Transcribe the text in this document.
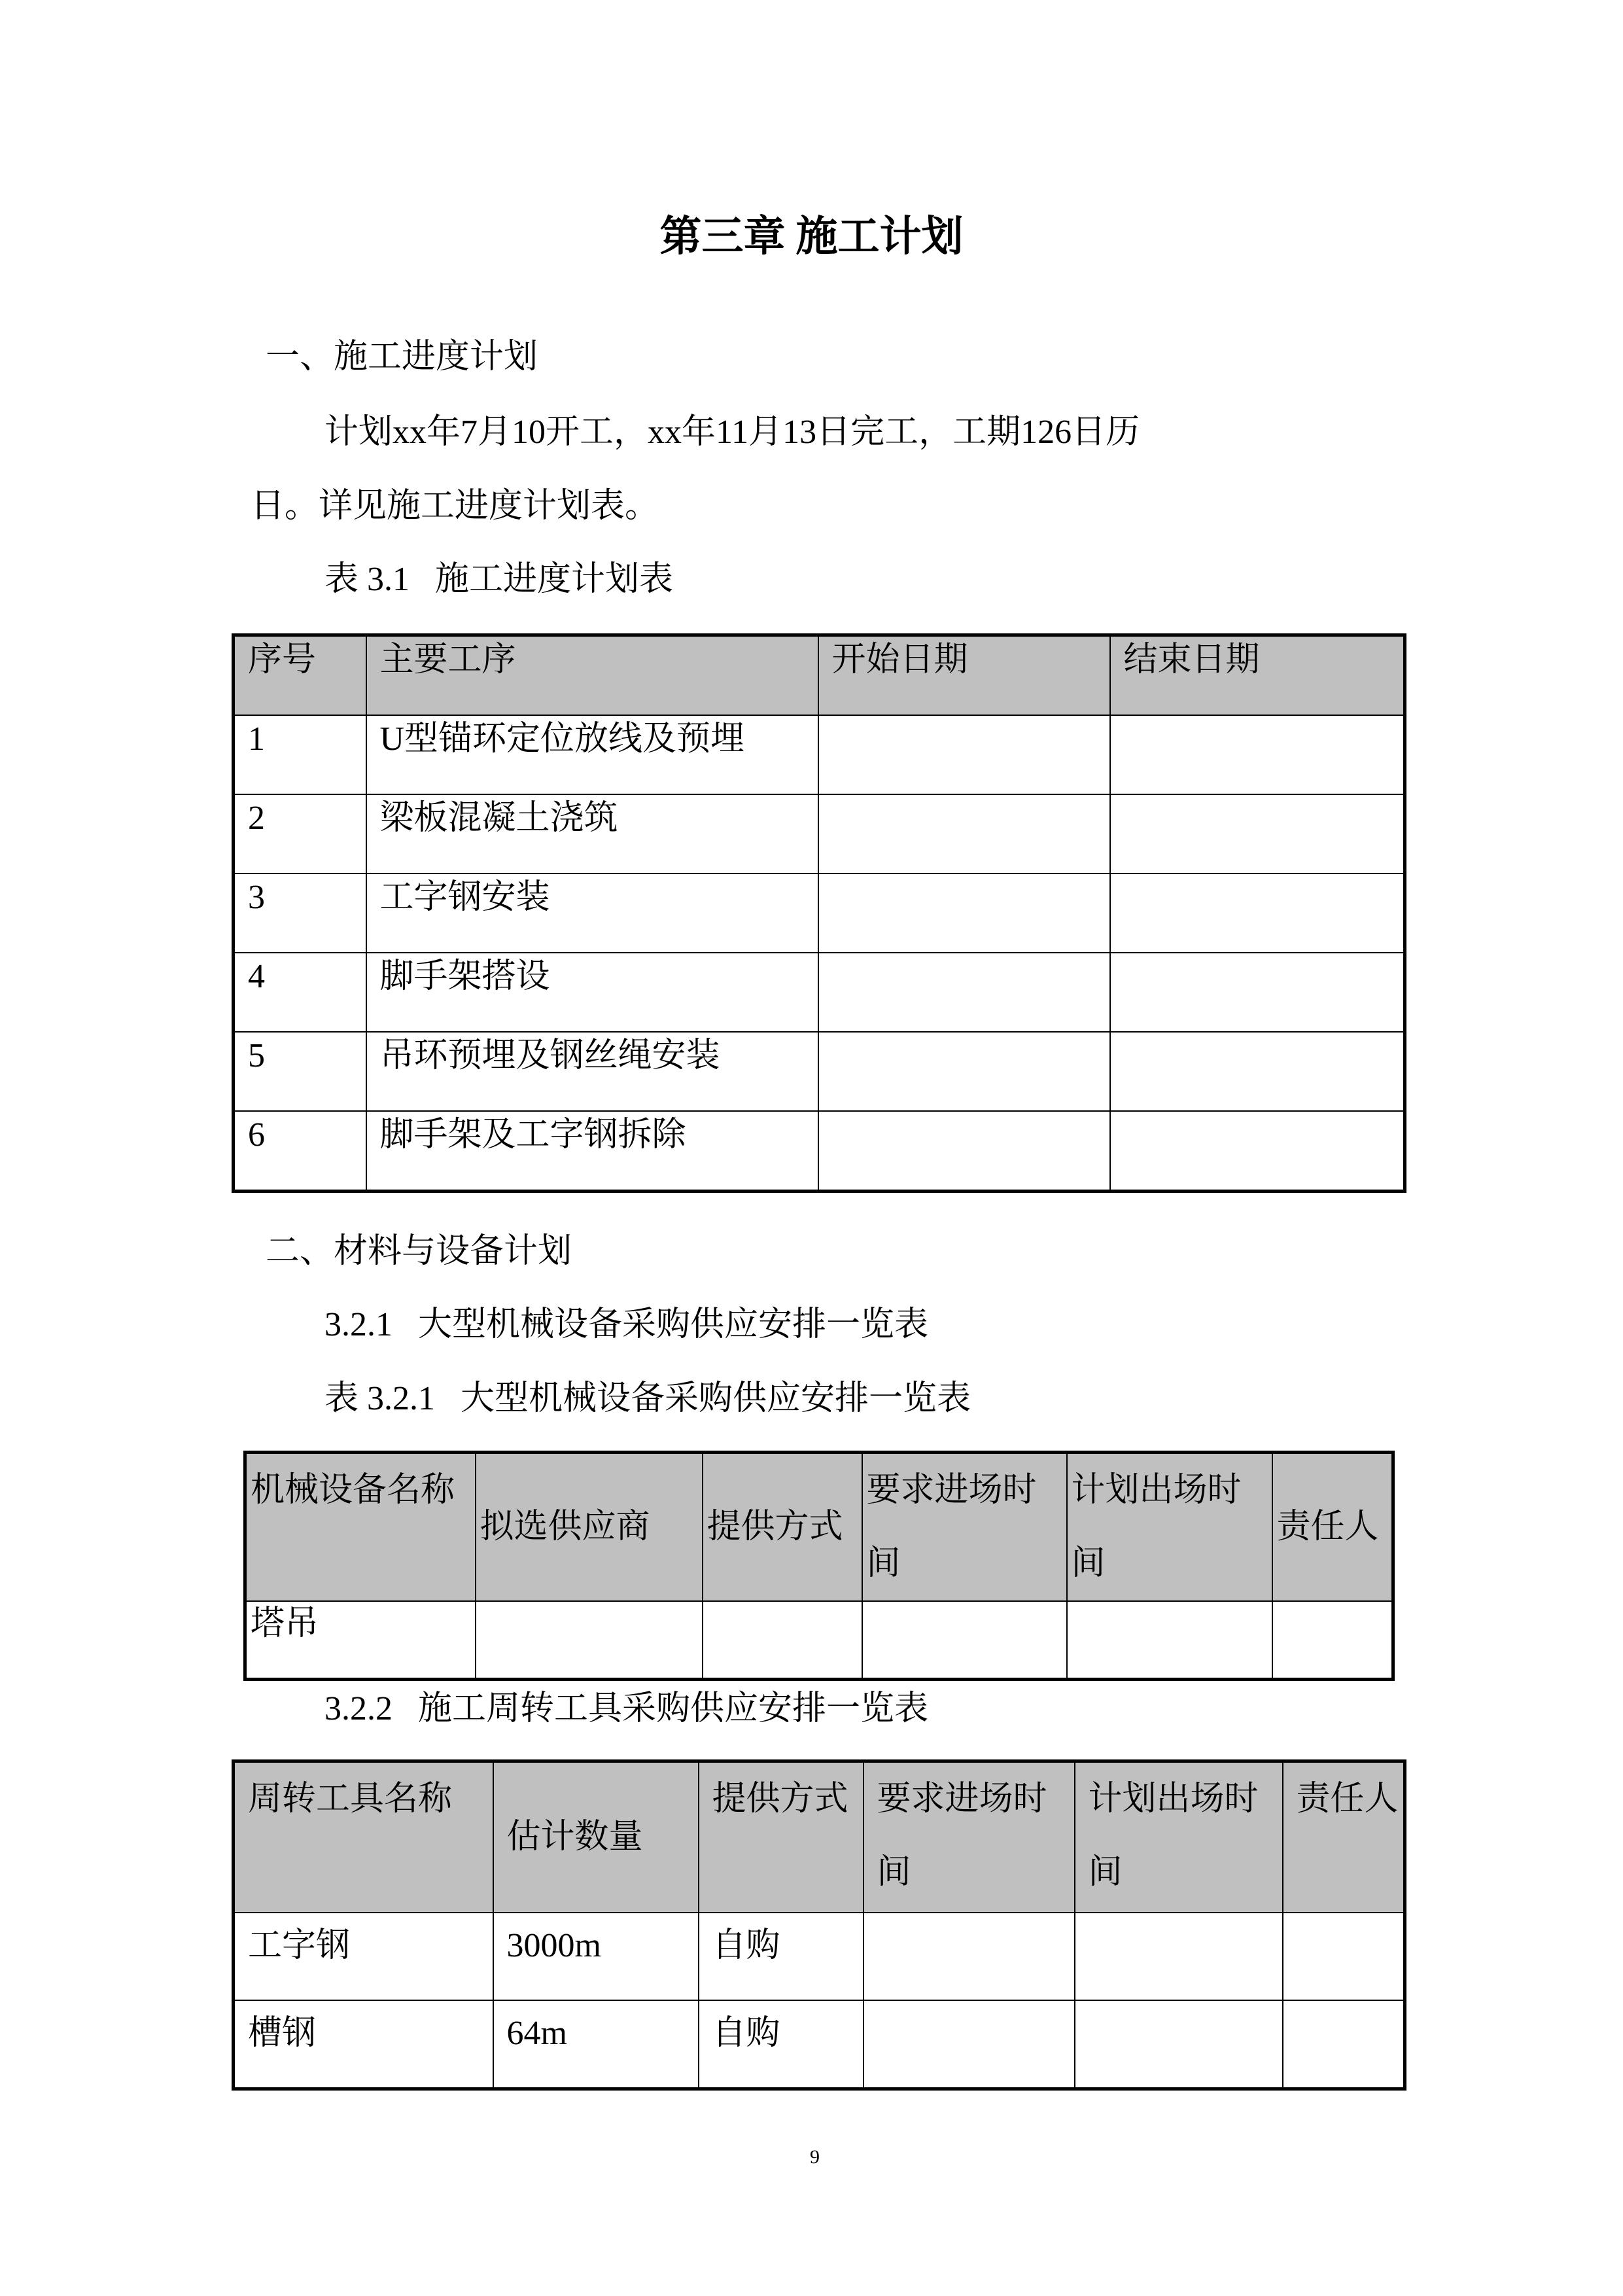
第三章 施工计划
一、施工进度计划
计划xx年7月10开工，xx年11月13日完工，工期126日历
日。详见施工进度计划表。
表 3.1   施工进度计划表
序号	主要工序	开始日期	结束日期
1	U型锚环定位放线及预埋		
2	梁板混凝土浇筑		
3	工字钢安装		
4	脚手架搭设		
5	吊环预埋及钢丝绳安装		
6	脚手架及工字钢拆除		
二、材料与设备计划
3.2.1   大型机械设备采购供应安排一览表
表 3.2.1   大型机械设备采购供应安排一览表
机械设备名称	拟选供应商	提供方式	要求进场时间	计划出场时间	责任人
塔吊					
3.2.2   施工周转工具采购供应安排一览表
周转工具名称	估计数量	提供方式	要求进场时间	计划出场时间	责任人
工字钢	3000m	自购			
槽钢	64m	自购			
9
